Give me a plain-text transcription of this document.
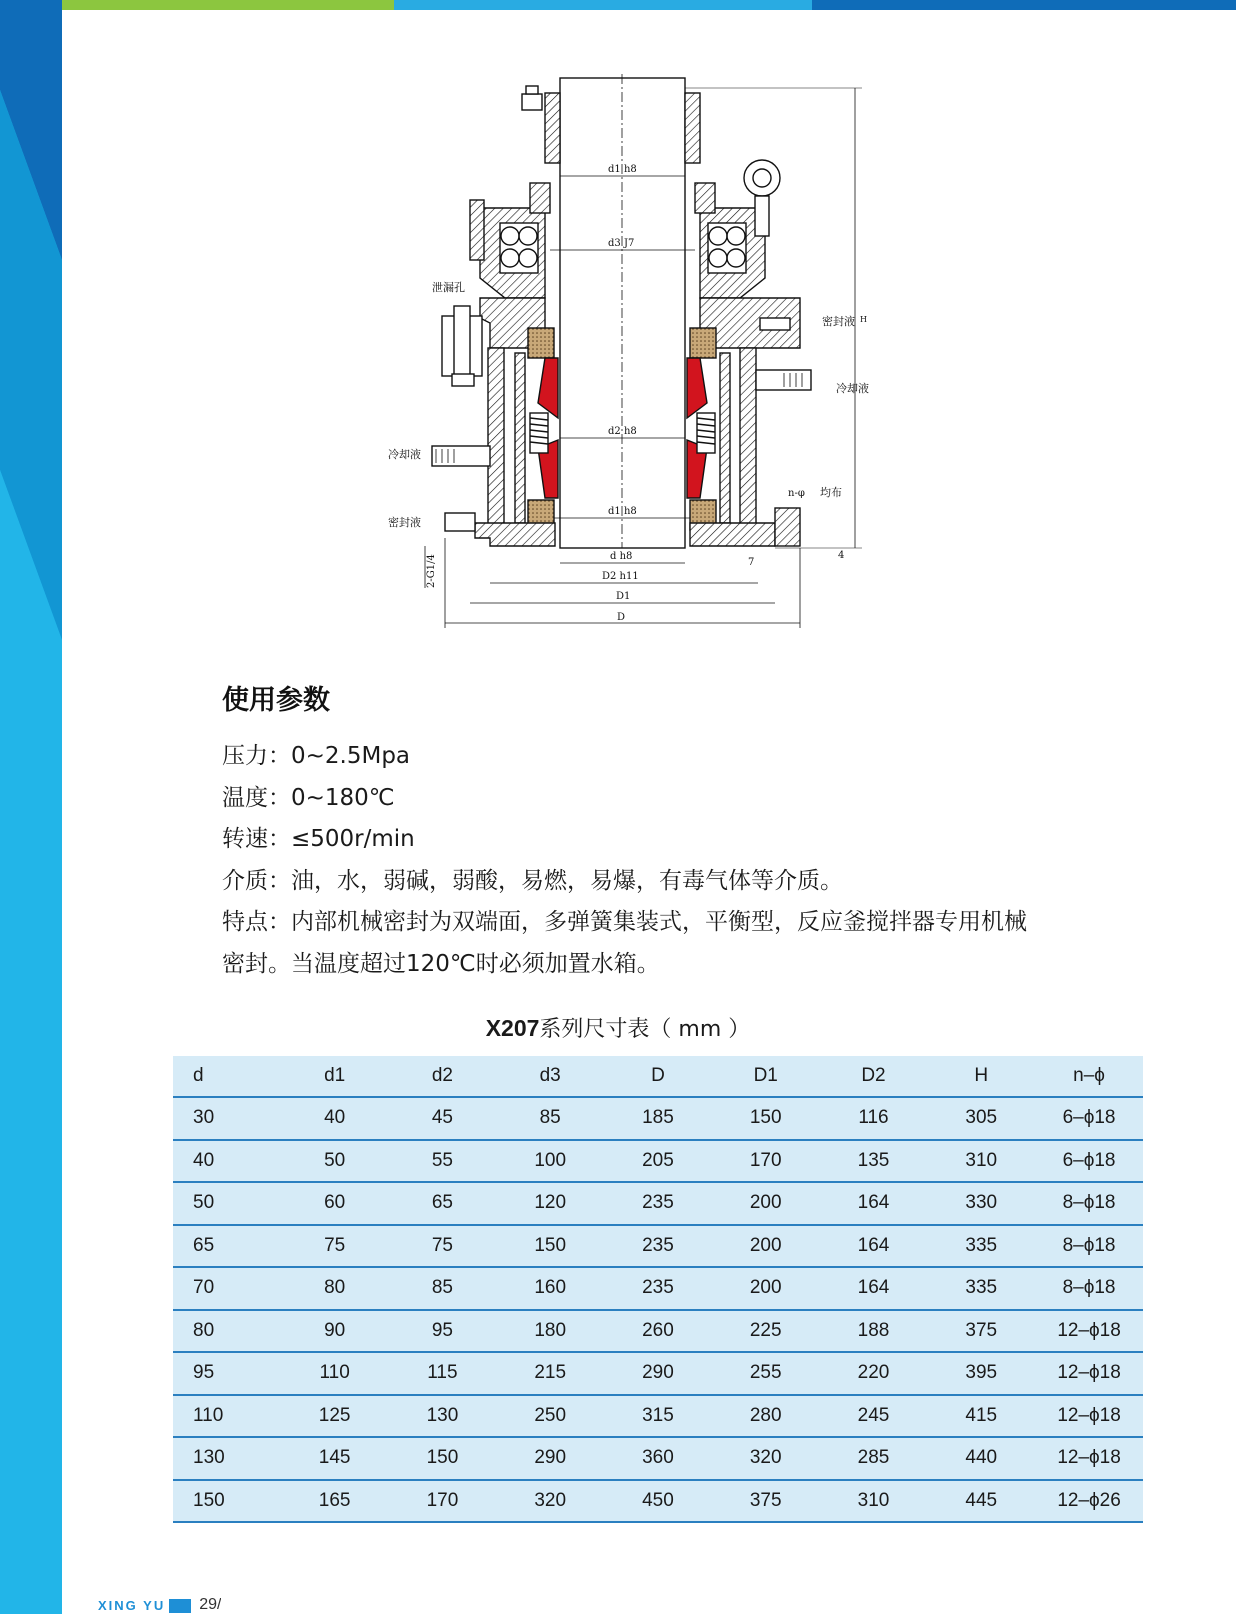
d1 h8
d3 J7
d2 h8
d1 h8
d h8
D2 h11
D1
D
H
泄漏孔
密封液
冷却液
冷却液
密封液
n-φ 均布
2-G1/4	7
4
使用参数
压力：0~2.5Mpa
温度：0~180℃
转速：≤500r/min
介质：油，水，弱碱，弱酸，易燃，易爆，有毒气体等介质。
特点：内部机械密封为双端面，多弹簧集装式，平衡型，反应釜搅拌器专用机械
密封。当温度超过120℃时必须加置水箱。
X207系列尺寸表（ mm ）
d	d1	d2	d3	D	D1	D2	H	n–ϕ
30	40	45	85	185	150	116	305	6–ϕ18
40	50	55	100	205	170	135	310	6–ϕ18
50	60	65	120	235	200	164	330	8–ϕ18
65	75	75	150	235	200	164	335	8–ϕ18
70	80	85	160	235	200	164	335	8–ϕ18
80	90	95	180	260	225	188	375	12–ϕ18
95	110	115	215	290	255	220	395	12–ϕ18
110	125	130	250	315	280	245	415	12–ϕ18
130	145	150	290	360	320	285	440	12–ϕ18
150	165	170	320	450	375	310	445	12–ϕ26
XING YU 29/
